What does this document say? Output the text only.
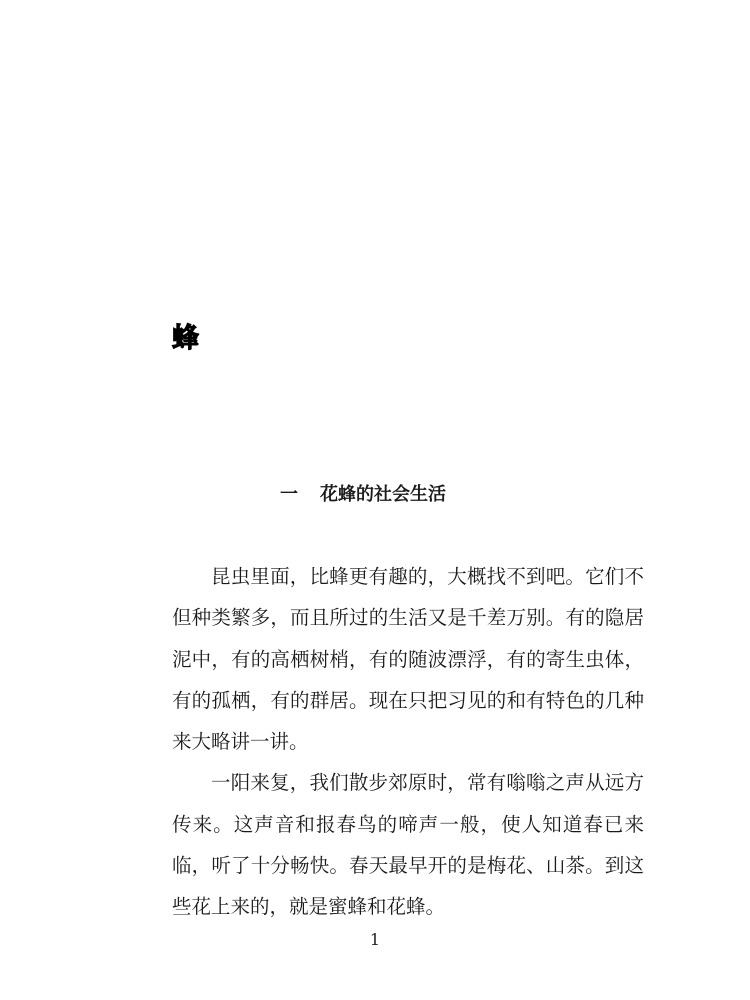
蜂
一 花蜂的社会生活

昆虫里面，比蜂更有趣的，大概找不到吧。它们不但种类繁多，而且所过的生活又是千差万别。有的隐居泥中，有的高栖树梢，有的随波漂浮，有的寄生虫体，有的孤栖，有的群居。现在只把习见的和有特色的几种来大略讲一讲。

一阳来复，我们散步郊原时，常有嗡嗡之声从远方传来。这声音和报春鸟的啼声一般，使人知道春已来临，听了十分畅快。春天最早开的是梅花、山茶。到这些花上来的，就是蜜蜂和花蜂。

1
